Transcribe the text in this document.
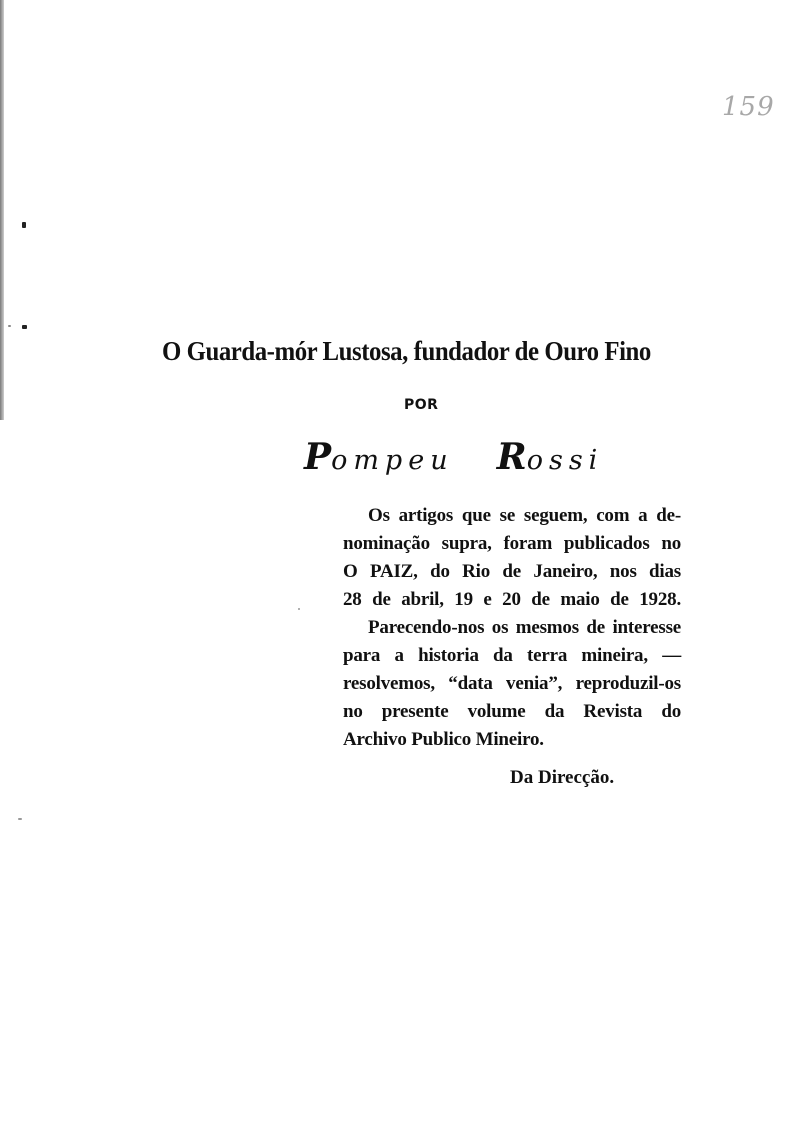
159
O Guarda-mór Lustosa, fundador de Ouro Fino
POR
Pompeu Rossi
Os artigos que se seguem, com a de-
nominação supra, foram publicados no
O PAIZ, do Rio de Janeiro, nos dias
28 de abril, 19 e 20 de maio de 1928.
Parecendo-nos os mesmos de interesse
para a historia da terra mineira, —
resolvemos, “data venia”, reproduzil-os
no presente volume da Revista do
Archivo Publico Mineiro.
Da Direcção.
